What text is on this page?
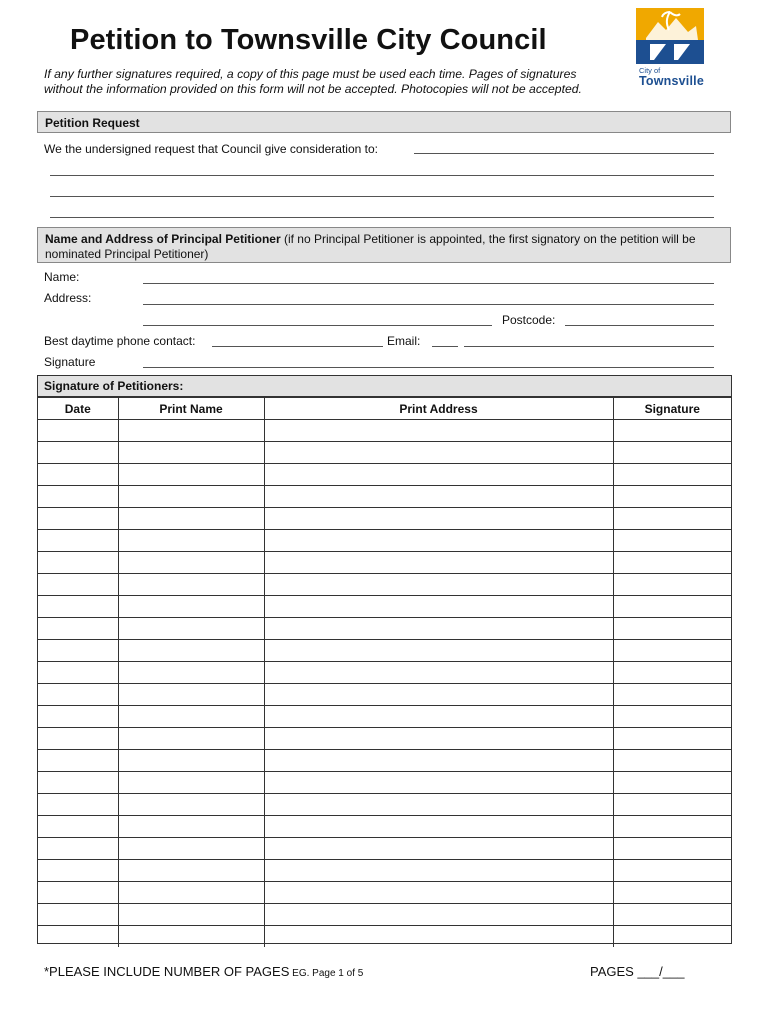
Petition to Townsville City Council
If any further signatures required, a copy of this page must be used each time. Pages of signatures
without the information provided on this form will not be accepted. Photocopies will not be accepted.
City of
Townsville
Petition Request
We the undersigned request that Council give consideration to:
Name and Address of Principal Petitioner (if no Principal Petitioner is appointed, the first signatory on the petition will be nominated Principal Petitioner)
Name:
Address:
Postcode:
Best daytime phone contact:	Email:
Signature
Signature of Petitioners:
Date	Print Name	Print Address	Signature

*PLEASE INCLUDE NUMBER OF PAGES EG. Page 1 of 5	PAGES ___/___
